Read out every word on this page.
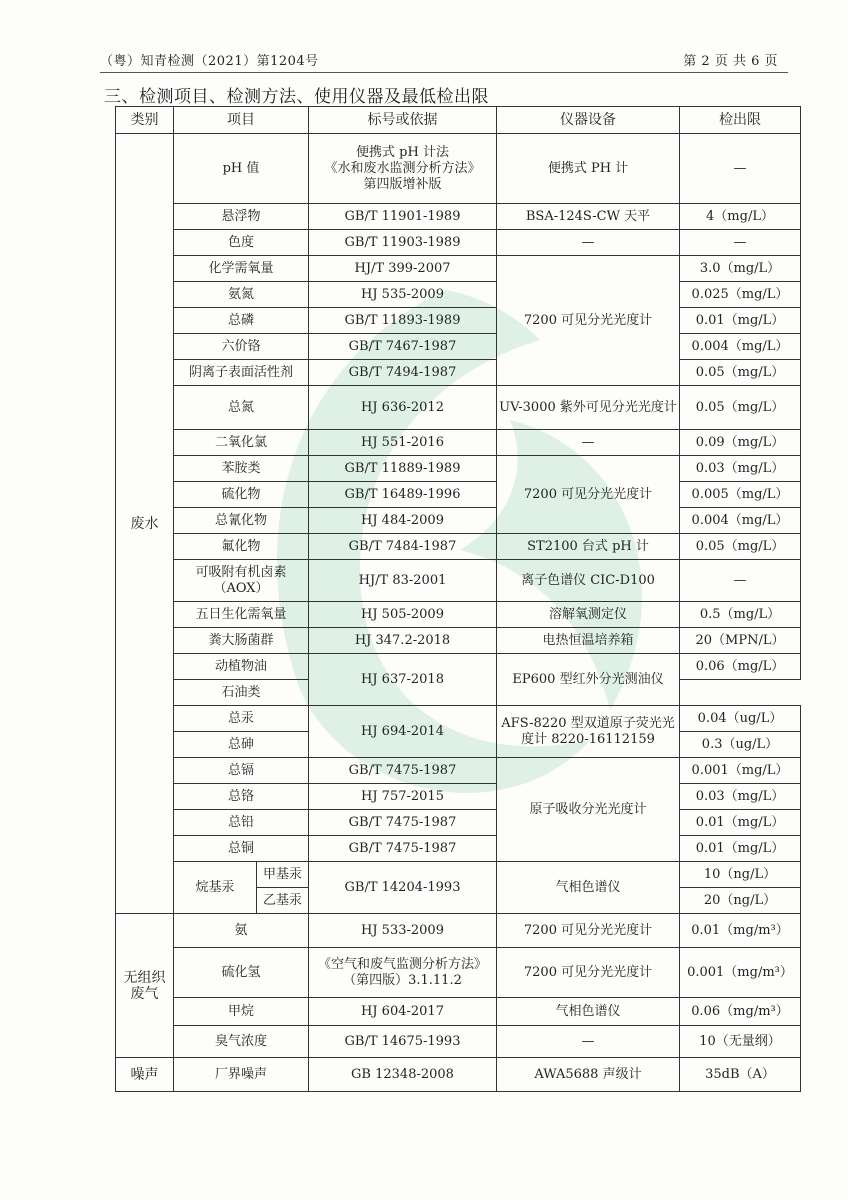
（粤）知青检测（2021）第1204号	第 2 页 共 6 页
三、检测项目、检测方法、使用仪器及最低检出限
类别	项目		标号或依据	仪器设备	检出限
废水	pH 值		便携式 pH 计法
《水和废水监测分析方法》
第四版增补版	便携式 PH 计	—
	悬浮物		GB/T 11901-1989	BSA-124S-CW 天平	4（mg/L）
	色度		GB/T 11903-1989	—	—
	化学需氧量		HJ/T 399-2007	7200 可见分光光度计	3.0（mg/L）
	氨氮		HJ 535-2009		0.025（mg/L）
	总磷		GB/T 11893-1989		0.01（mg/L）
	六价铬		GB/T 7467-1987		0.004（mg/L）
	阴离子表面活性剂		GB/T 7494-1987		0.05（mg/L）
	总氮		HJ 636-2012	UV-3000 紫外可见分光光度计	0.05（mg/L）
	二氧化氯		HJ 551-2016	—	0.09（mg/L）
	苯胺类		GB/T 11889-1989	7200 可见分光光度计	0.03（mg/L）
	硫化物		GB/T 16489-1996		0.005（mg/L）
	总氰化物		HJ 484-2009		0.004（mg/L）
	氟化物		GB/T 7484-1987	ST2100 台式 pH 计	0.05（mg/L）
	可吸附有机卤素
（AOX）		HJ/T 83-2001	离子色谱仪 CIC-D100	—
	五日生化需氧量		HJ 505-2009	溶解氧测定仪	0.5（mg/L）
	粪大肠菌群		HJ 347.2-2018	电热恒温培养箱	20（MPN/L）
	动植物油		HJ 637-2018	EP600 型红外分光测油仪	0.06（mg/L）
	石油类				
	总汞		HJ 694-2014	AFS-8220 型双道原子荧光光度计 8220-16112159	0.04（ug/L）
	总砷				0.3（ug/L）
	总镉		GB/T 7475-1987	原子吸收分光光度计	0.001（mg/L）
	总铬		HJ 757-2015		0.03（mg/L）
	总铅		GB/T 7475-1987		0.01（mg/L）
	总铜		GB/T 7475-1987		0.01（mg/L）
	烷基汞	甲基汞	GB/T 14204-1993	气相色谱仪	10（ng/L）
		乙基汞			20（ng/L）
无组织
废气	氨		HJ 533-2009	7200 可见分光光度计	0.01（mg/m³）
	硫化氢		《空气和废气监测分析方法》（第四版）3.1.11.2	7200 可见分光光度计	0.001（mg/m³）
	甲烷		HJ 604-2017	气相色谱仪	0.06（mg/m³）
	臭气浓度		GB/T 14675-1993	—	10（无量纲）
噪声	厂界噪声		GB 12348-2008	AWA5688 声级计	35dB（A）
